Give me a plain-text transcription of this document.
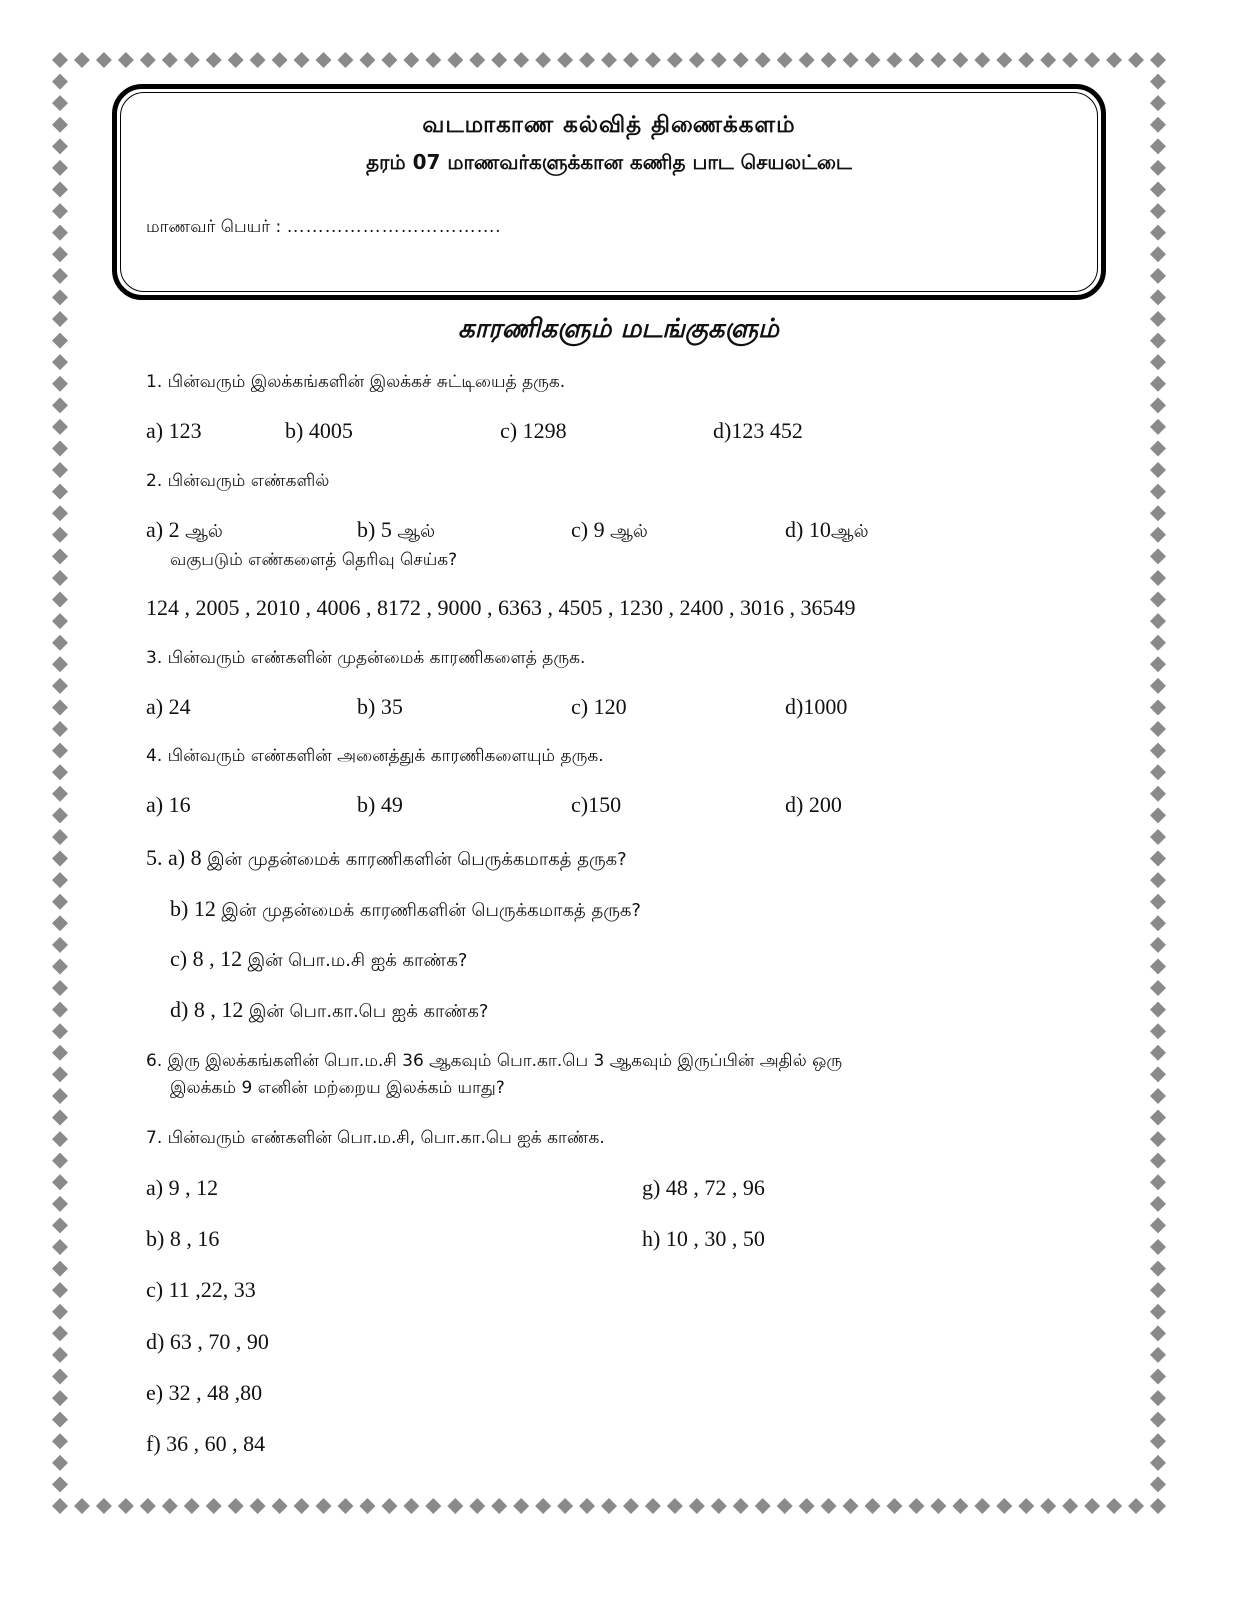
வடமாகாண கல்வித் திணைக்களம்

தரம் 07 மாணவர்களுக்கான கணித பாட செயலட்டை

மாணவர் பெயர் : …………………………….

காரணிகளும் மடங்குகளும்

1. பின்வரும் இலக்கங்களின் இலக்கச் சுட்டியைத் தருக.
a) 123	b) 4005	c) 1298	d)123 452
2. பின்வரும் எண்களில்
a) 2 ஆல்	b) 5 ஆல்	c) 9 ஆல்	d) 10ஆல்
வகுபடும் எண்களைத் தெரிவு செய்க?
124 , 2005 , 2010 , 4006 , 8172 , 9000 , 6363 , 4505 , 1230 , 2400 , 3016 , 36549
3. பின்வரும் எண்களின் முதன்மைக் காரணிகளைத் தருக.
a) 24	b) 35	c) 120	d)1000
4. பின்வரும் எண்களின் அனைத்துக் காரணிகளையும் தருக.
a) 16	b) 49	c)150	d) 200
5. a) 8 இன் முதன்மைக் காரணிகளின் பெருக்கமாகத் தருக?
b) 12 இன் முதன்மைக் காரணிகளின் பெருக்கமாகத் தருக?
c) 8 , 12 இன் பொ.ம.சி ஐக் காண்க?
d) 8 , 12 இன் பொ.கா.பெ ஐக் காண்க?
6. இரு இலக்கங்களின் பொ.ம.சி 36 ஆகவும் பொ.கா.பெ 3 ஆகவும் இருப்பின் அதில் ஒரு
இலக்கம் 9 எனின் மற்றைய இலக்கம் யாது?
7. பின்வரும் எண்களின் பொ.ம.சி, பொ.கா.பெ ஐக் காண்க.
a) 9 , 12
b) 8 , 16
c) 11 ,22, 33
d) 63 , 70 , 90
e) 32 , 48 ,80
f) 36 , 60 , 84
g) 48 , 72 , 96
h) 10 , 30 , 50
